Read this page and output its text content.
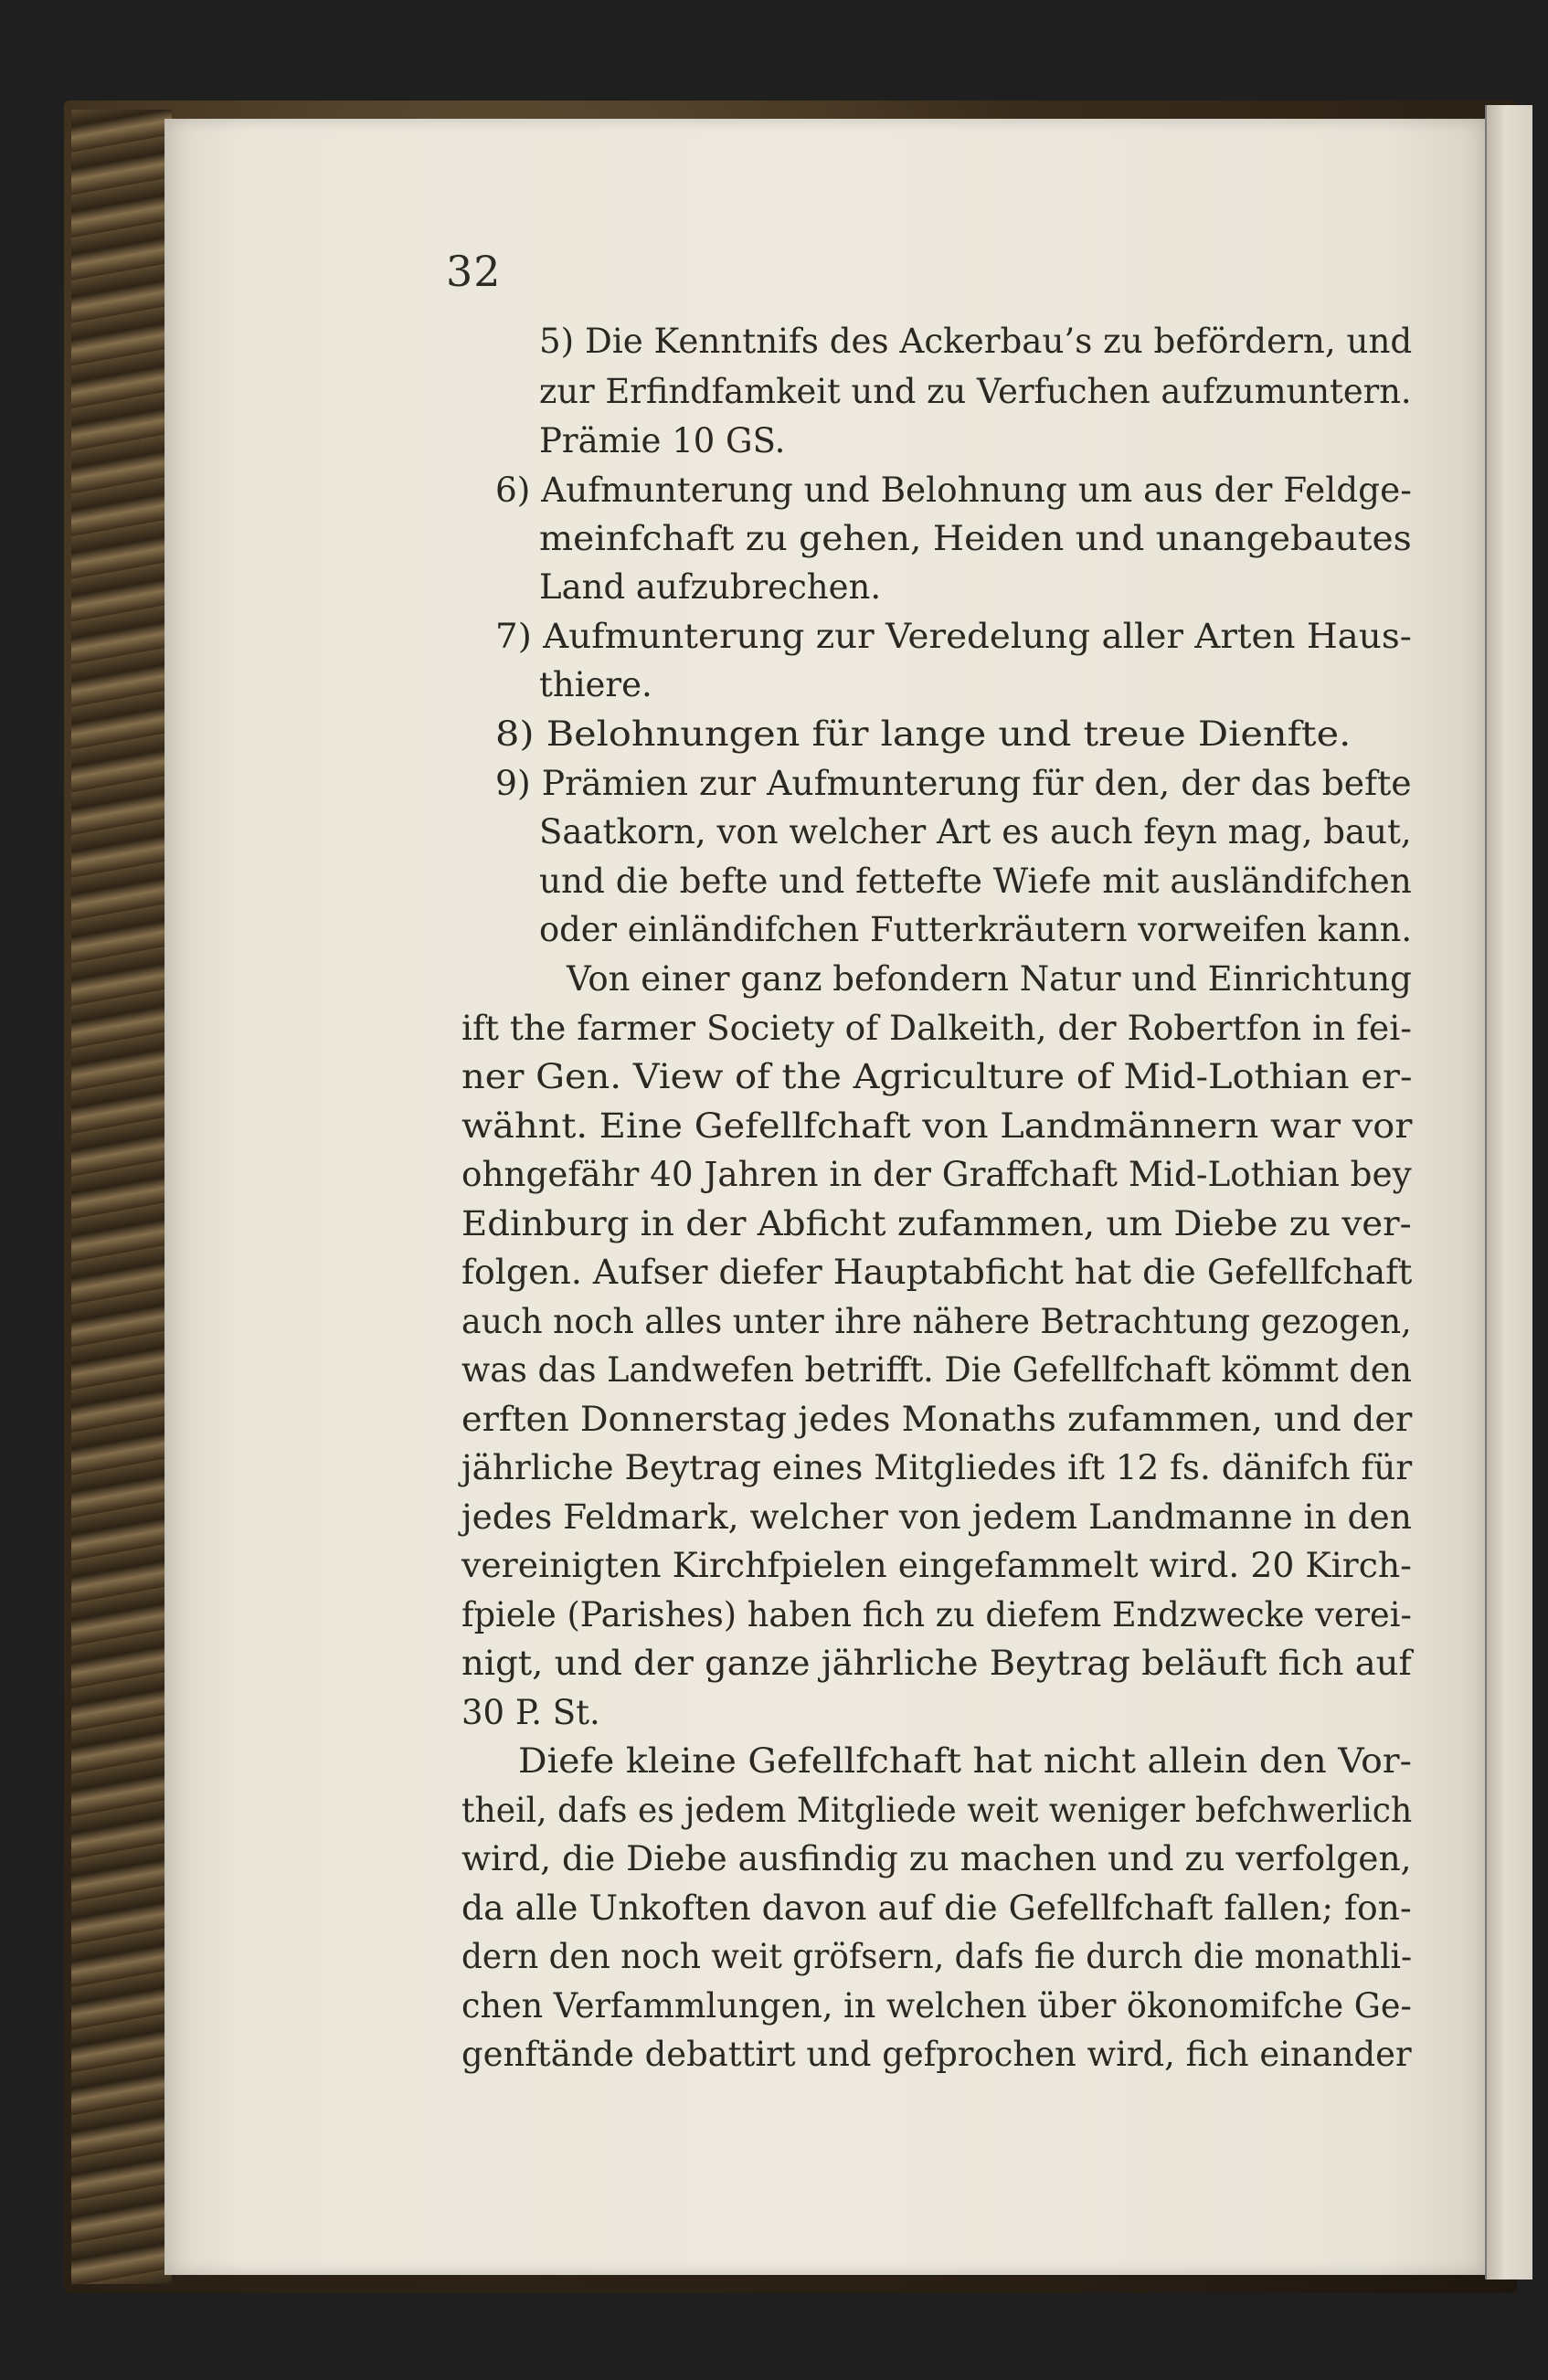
32
5) Die Kenntnifs des Ackerbau’s zu befördern, und
zur Erfindfamkeit und zu Verfuchen aufzumuntern.
Prämie 10 GS.
6) Aufmunterung und Belohnung um aus der Feldge-
meinfchaft zu gehen, Heiden und unangebautes
Land aufzubrechen.
7) Aufmunterung zur Veredelung aller Arten Haus-
thiere.
8) Belohnungen für lange und treue Dienfte.
9) Prämien zur Aufmunterung für den, der das befte
Saatkorn, von welcher Art es auch feyn mag, baut,
und die befte und fettefte Wiefe mit ausländifchen
oder einländifchen Futterkräutern vorweifen kann.
Von einer ganz befondern Natur und Einrichtung
ift the farmer Society of Dalkeith, der Robertfon in fei-
ner Gen. View of the Agriculture of Mid-Lothian er-
wähnt. Eine Gefellfchaft von Landmännern war vor
ohngefähr 40 Jahren in der Graffchaft Mid-Lothian bey
Edinburg in der Abficht zufammen, um Diebe zu ver-
folgen. Aufser diefer Hauptabficht hat die Gefellfchaft
auch noch alles unter ihre nähere Betrachtung gezogen,
was das Landwefen betrifft. Die Gefellfchaft kömmt den
erften Donnerstag jedes Monaths zufammen, und der
jährliche Beytrag eines Mitgliedes ift 12 fs. dänifch für
jedes Feldmark, welcher von jedem Landmanne in den
vereinigten Kirchfpielen eingefammelt wird. 20 Kirch-
fpiele (Parishes) haben fich zu diefem Endzwecke verei-
nigt, und der ganze jährliche Beytrag beläuft fich auf
30 P. St.
Diefe kleine Gefellfchaft hat nicht allein den Vor-
theil, dafs es jedem Mitgliede weit weniger befchwerlich
wird, die Diebe ausfindig zu machen und zu verfolgen,
da alle Unkoften davon auf die Gefellfchaft fallen; fon-
dern den noch weit gröfsern, dafs fie durch die monathli-
chen Verfammlungen, in welchen über ökonomifche Ge-
genftände debattirt und gefprochen wird, fich einander
